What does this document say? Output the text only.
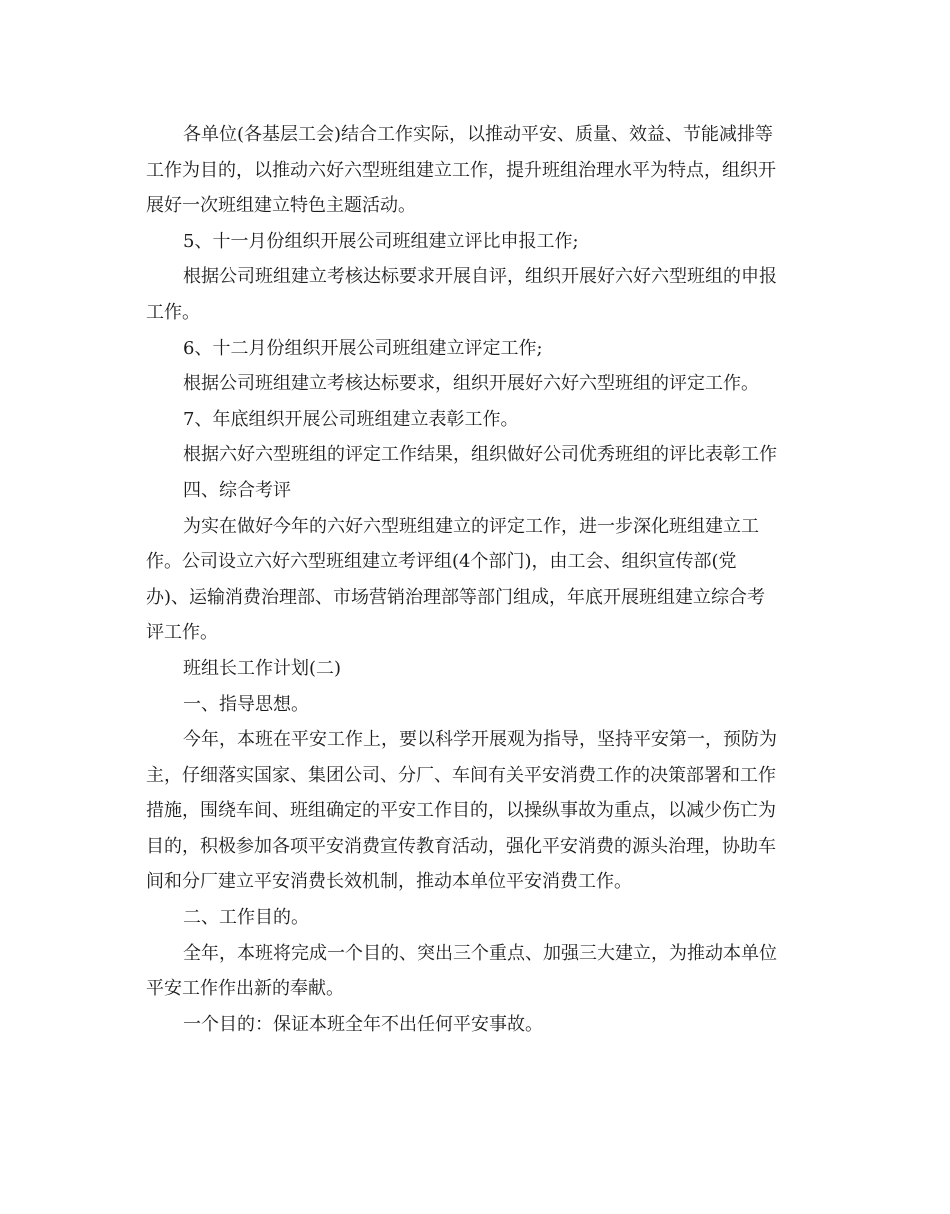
各单位(各基层工会)结合工作实际，以推动平安、质量、效益、节能减排等
工作为目的，以推动六好六型班组建立工作，提升班组治理水平为特点，组织开
展好一次班组建立特色主题活动。
5、十一月份组织开展公司班组建立评比申报工作;
根据公司班组建立考核达标要求开展自评，组织开展好六好六型班组的申报
工作。
6、十二月份组织开展公司班组建立评定工作;
根据公司班组建立考核达标要求，组织开展好六好六型班组的评定工作。
7、年底组织开展公司班组建立表彰工作。
根据六好六型班组的评定工作结果，组织做好公司优秀班组的评比表彰工作
四、综合考评
为实在做好今年的六好六型班组建立的评定工作，进一步深化班组建立工
作。公司设立六好六型班组建立考评组(4个部门)，由工会、组织宣传部(党
办)、运输消费治理部、市场营销治理部等部门组成，年底开展班组建立综合考
评工作。
班组长工作计划(二)
一、指导思想。
今年，本班在平安工作上，要以科学开展观为指导，坚持平安第一，预防为
主，仔细落实国家、集团公司、分厂、车间有关平安消费工作的决策部署和工作
措施，围绕车间、班组确定的平安工作目的，以操纵事故为重点，以减少伤亡为
目的，积极参加各项平安消费宣传教育活动，强化平安消费的源头治理，协助车
间和分厂建立平安消费长效机制，推动本单位平安消费工作。
二、工作目的。
全年，本班将完成一个目的、突出三个重点、加强三大建立，为推动本单位
平安工作作出新的奉献。
一个目的：保证本班全年不出任何平安事故。
